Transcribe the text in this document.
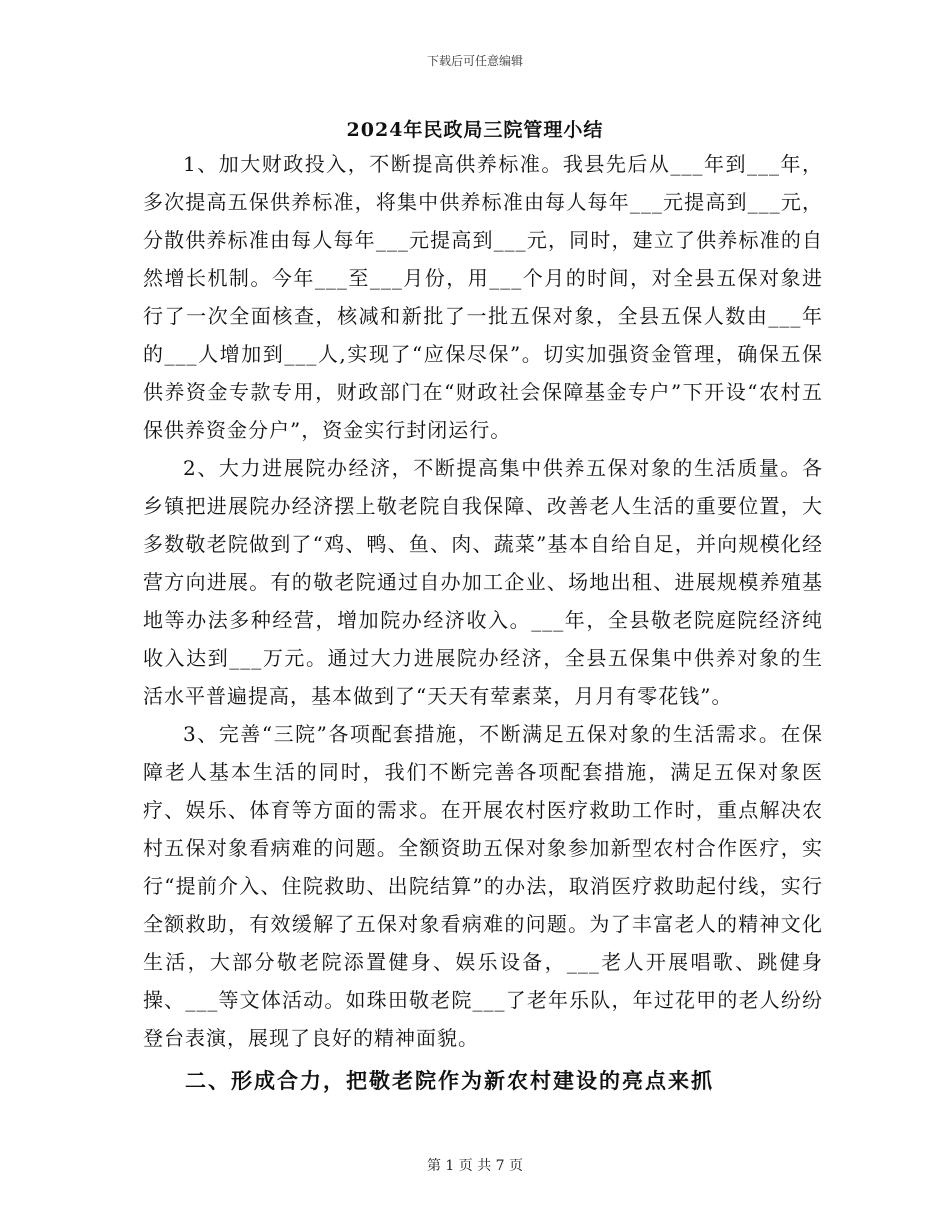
下载后可任意编辑
2024年民政局三院管理小结

1、加大财政投入，不断提高供养标准。我县先后从___年到___年，多次提高五保供养标准，将集中供养标准由每人每年___元提高到___元，分散供养标准由每人每年___元提高到___元，同时，建立了供养标准的自然增长机制。今年___至___月份，用___个月的时间，对全县五保对象进行了一次全面核查，核减和新批了一批五保对象，全县五保人数由___年的___人增加到___人,实现了“应保尽保”。切实加强资金管理，确保五保供养资金专款专用，财政部门在“财政社会保障基金专户”下开设“农村五保供养资金分户”，资金实行封闭运行。

2、大力进展院办经济，不断提高集中供养五保对象的生活质量。各乡镇把进展院办经济摆上敬老院自我保障、改善老人生活的重要位置，大多数敬老院做到了“鸡、鸭、鱼、肉、蔬菜”基本自给自足，并向规模化经营方向进展。有的敬老院通过自办加工企业、场地出租、进展规模养殖基地等办法多种经营，增加院办经济收入。___年，全县敬老院庭院经济纯收入达到___万元。通过大力进展院办经济，全县五保集中供养对象的生活水平普遍提高，基本做到了“天天有荤素菜，月月有零花钱”。

3、完善“三院”各项配套措施，不断满足五保对象的生活需求。在保障老人基本生活的同时，我们不断完善各项配套措施，满足五保对象医疗、娱乐、体育等方面的需求。在开展农村医疗救助工作时，重点解决农村五保对象看病难的问题。全额资助五保对象参加新型农村合作医疗，实行“提前介入、住院救助、出院结算”的办法，取消医疗救助起付线，实行全额救助，有效缓解了五保对象看病难的问题。为了丰富老人的精神文化生活，大部分敬老院添置健身、娱乐设备，___老人开展唱歌、跳健身操、___等文体活动。如珠田敬老院___了老年乐队，年过花甲的老人纷纷登台表演，展现了良好的精神面貌。

二、形成合力，把敬老院作为新农村建设的亮点来抓

第 1 页 共 7 页
